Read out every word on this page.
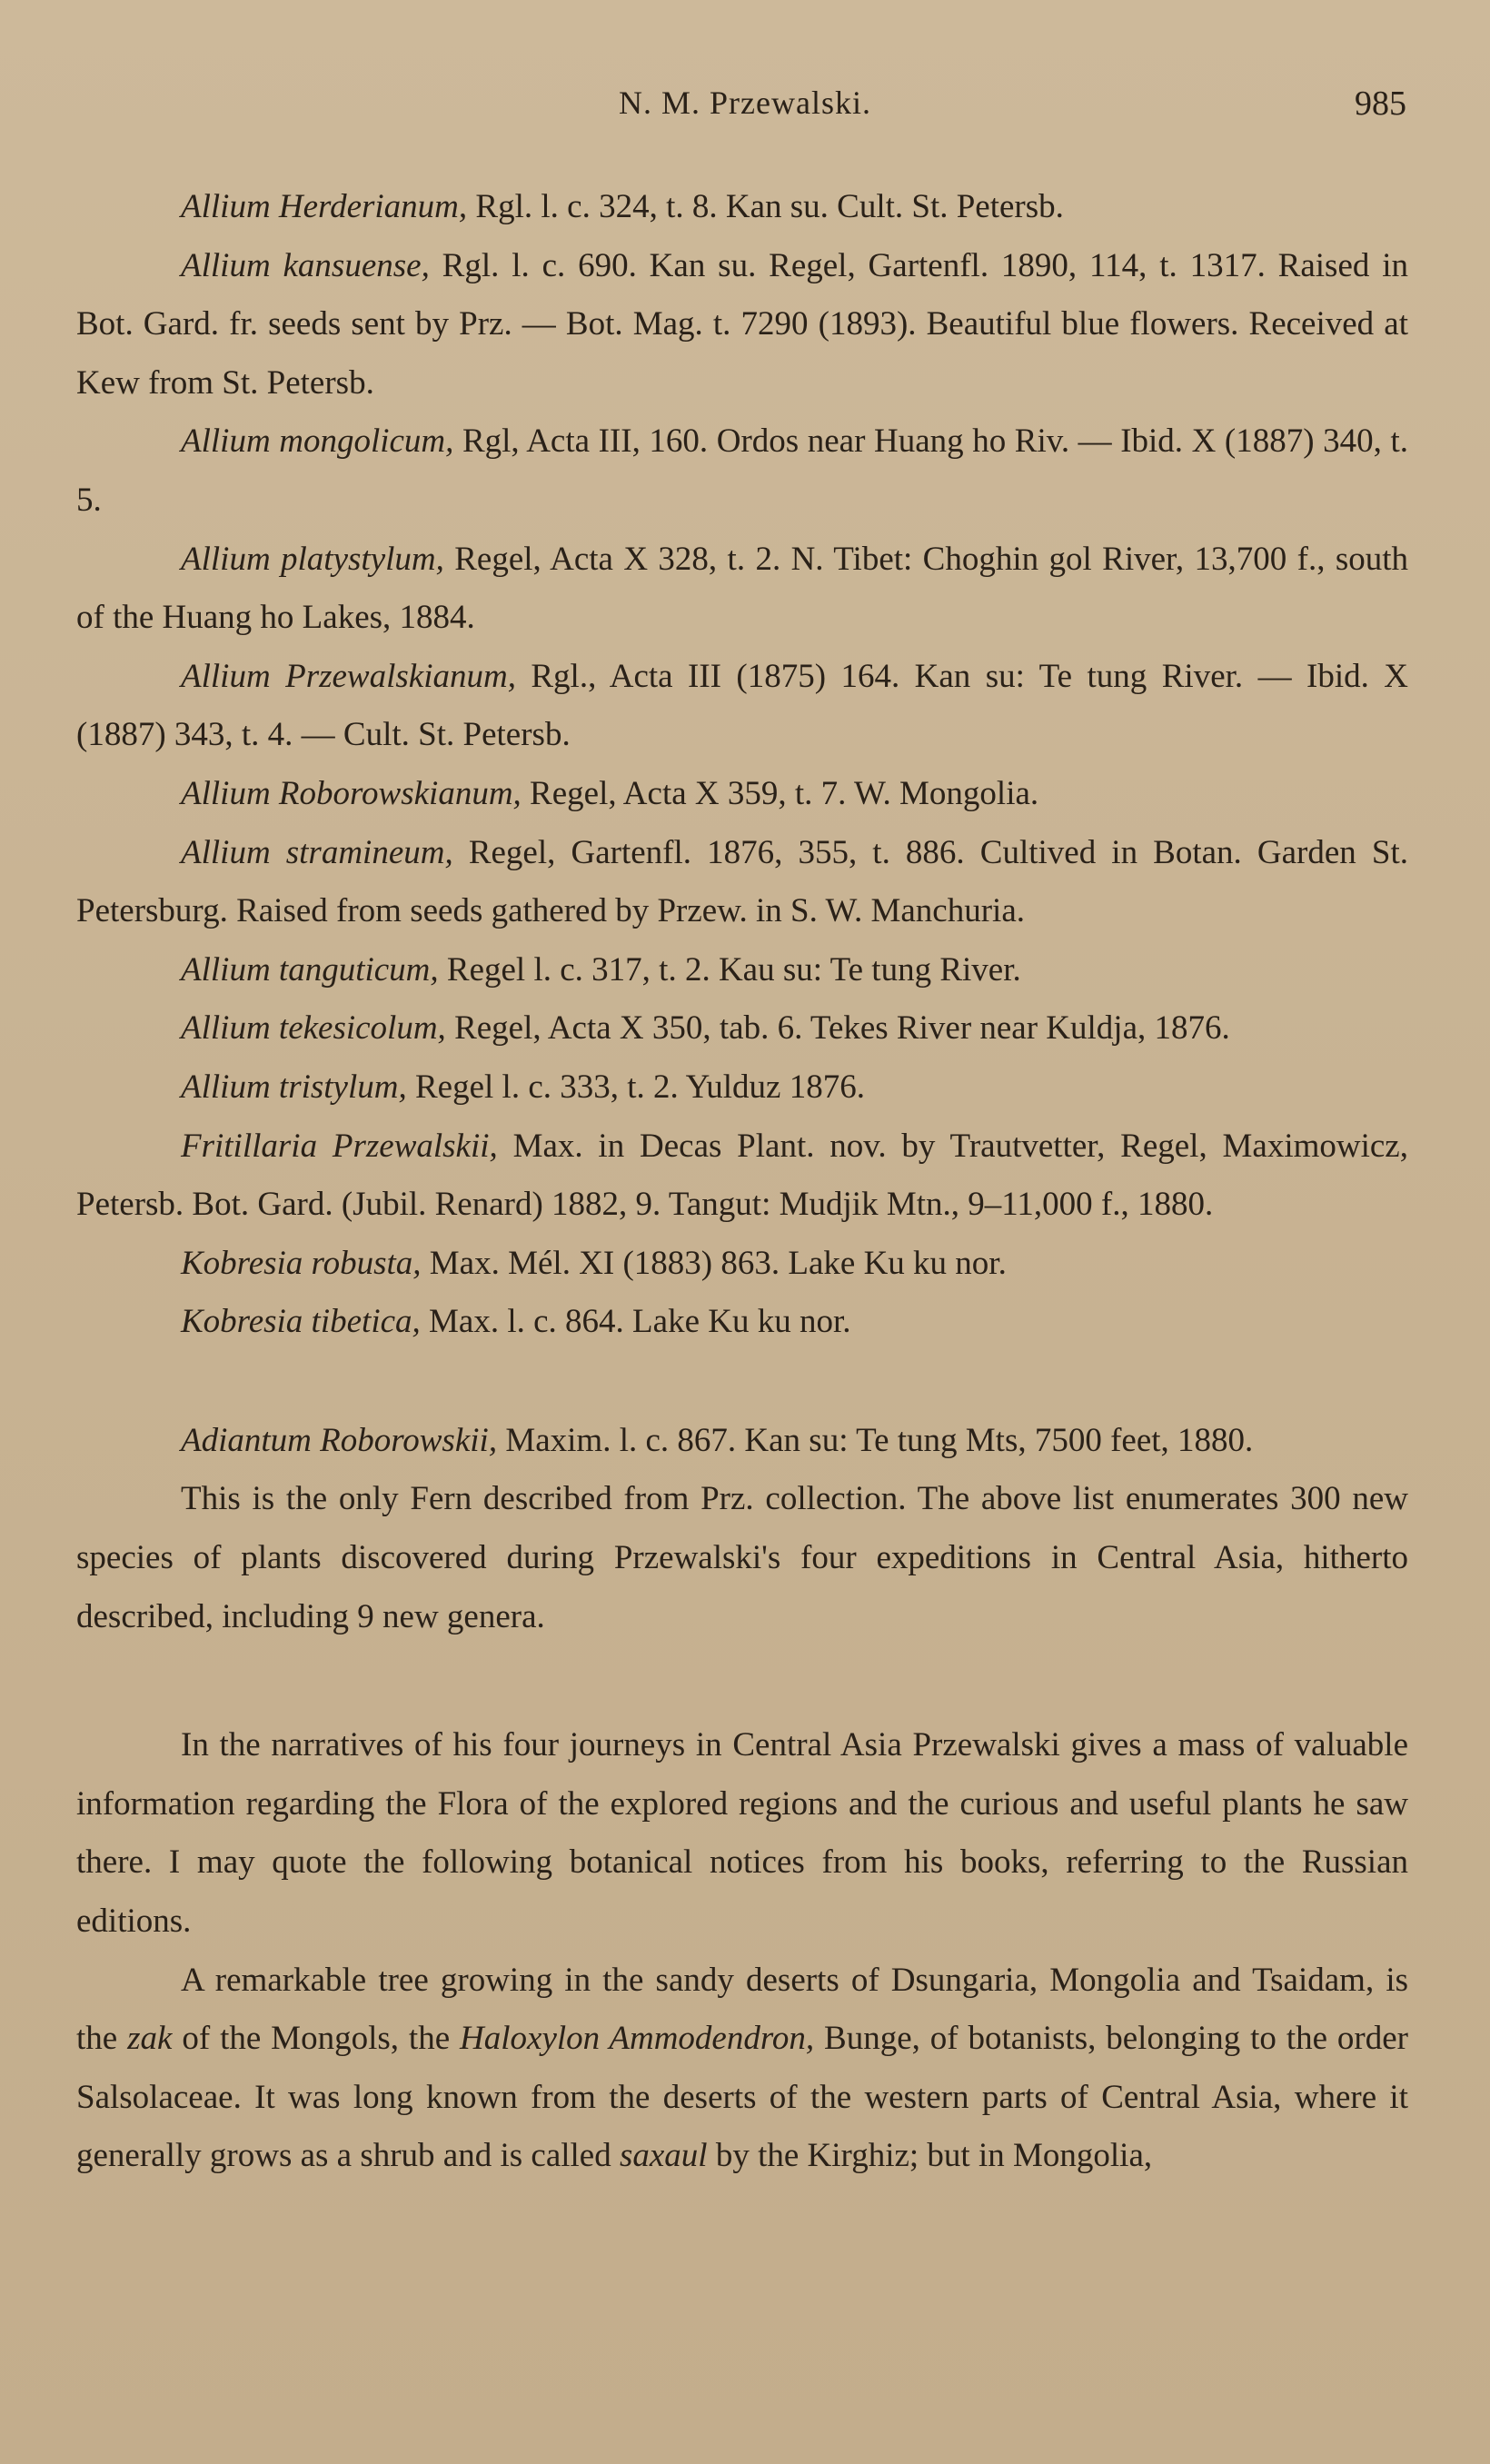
N. M. Przewalski.	985

Allium Herderianum, Rgl. l. c. 324, t. 8. Kan su. Cult. St. Petersb.

Allium kansuense, Rgl. l. c. 690. Kan su. Regel, Gartenfl. 1890, 114, t. 1317. Raised in Bot. Gard. fr. seeds sent by Prz. — Bot. Mag. t. 7290 (1893). Beautiful blue flowers. Received at Kew from St. Petersb.

Allium mongolicum, Rgl, Acta III, 160. Ordos near Huang ho Riv. — Ibid. X (1887) 340, t. 5.

Allium platystylum, Regel, Acta X 328, t. 2. N. Tibet: Choghin gol River, 13,700 f., south of the Huang ho Lakes, 1884.

Allium Przewalskianum, Rgl., Acta III (1875) 164. Kan su: Te tung River. — Ibid. X (1887) 343, t. 4. — Cult. St. Petersb.

Allium Roborowskianum, Regel, Acta X 359, t. 7. W. Mongolia.

Allium stramineum, Regel, Gartenfl. 1876, 355, t. 886. Cultived in Botan. Garden St. Petersburg. Raised from seeds gathered by Przew. in S. W. Manchuria.

Allium tanguticum, Regel l. c. 317, t. 2. Kau su: Te tung River.

Allium tekesicolum, Regel, Acta X 350, tab. 6. Tekes River near Kuldja, 1876.

Allium tristylum, Regel l. c. 333, t. 2. Yulduz 1876.

Fritillaria Przewalskii, Max. in Decas Plant. nov. by Trautvetter, Regel, Maximowicz, Petersb. Bot. Gard. (Jubil. Renard) 1882, 9. Tangut: Mudjik Mtn., 9–11,000 f., 1880.

Kobresia robusta, Max. Mél. XI (1883) 863. Lake Ku ku nor.

Kobresia tibetica, Max. l. c. 864. Lake Ku ku nor.

Adiantum Roborowskii, Maxim. l. c. 867. Kan su: Te tung Mts, 7500 feet, 1880.

This is the only Fern described from Prz. collection. The above list enumerates 300 new species of plants discovered during Przewalski's four expeditions in Central Asia, hitherto described, including 9 new genera.

In the narratives of his four journeys in Central Asia Przewalski gives a mass of valuable information regarding the Flora of the explored regions and the curious and useful plants he saw there. I may quote the following botanical notices from his books, referring to the Russian editions.

A remarkable tree growing in the sandy deserts of Dsungaria, Mongolia and Tsaidam, is the zak of the Mongols, the Haloxylon Ammodendron, Bunge, of botanists, belonging to the order Salsolaceae. It was long known from the deserts of the western parts of Central Asia, where it generally grows as a shrub and is called saxaul by the Kirghiz; but in Mongolia,
